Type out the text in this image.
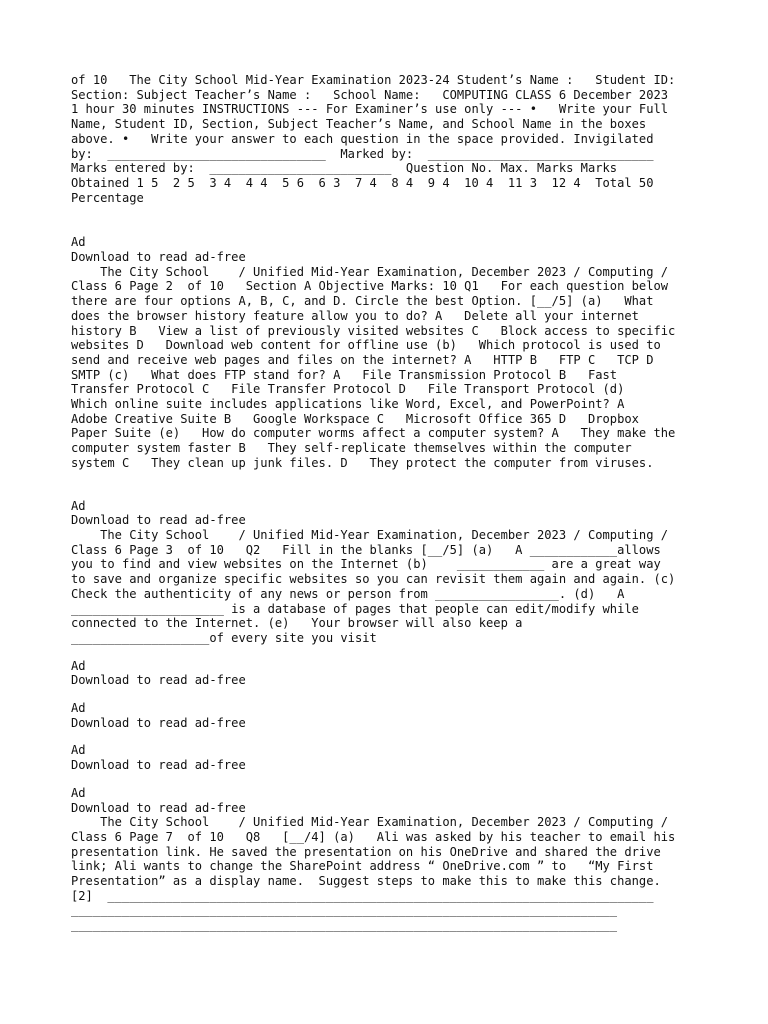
of 10   The City School Mid-Year Examination 2023-24 Student’s Name :   Student ID:
Section: Subject Teacher’s Name :   School Name:   COMPUTING CLASS 6 December 2023
1 hour 30 minutes INSTRUCTIONS --- For Examiner’s use only --- •   Write your Full
Name, Student ID, Section, Subject Teacher’s Name, and School Name in the boxes
above. •   Write your answer to each question in the space provided. Invigilated
by:  ______________________________  Marked by:  _______________________________
Marks entered by:  _________________________  Question No. Max. Marks Marks
Obtained 1 5  2 5  3 4  4 4  5 6  6 3  7 4  8 4  9 4  10 4  11 3  12 4  Total 50
Percentage

Ad
Download to read ad-free

The City School    / Unified Mid-Year Examination, December 2023 / Computing /
Class 6 Page 2  of 10   Section A Objective Marks: 10 Q1   For each question below
there are four options A, B, C, and D. Circle the best Option. [__/5] (a)   What
does the browser history feature allow you to do? A   Delete all your internet
history B   View a list of previously visited websites C   Block access to specific
websites D   Download web content for offline use (b)   Which protocol is used to
send and receive web pages and files on the internet? A   HTTP B   FTP C   TCP D
SMTP (c)   What does FTP stand for? A   File Transmission Protocol B   Fast
Transfer Protocol C   File Transfer Protocol D   File Transport Protocol (d)
Which online suite includes applications like Word, Excel, and PowerPoint? A
Adobe Creative Suite B   Google Workspace C   Microsoft Office 365 D   Dropbox
Paper Suite (e)   How do computer worms affect a computer system? A   They make the
computer system faster B   They self-replicate themselves within the computer
system C   They clean up junk files. D   They protect the computer from viruses.

Ad
Download to read ad-free

The City School    / Unified Mid-Year Examination, December 2023 / Computing /
Class 6 Page 3  of 10   Q2   Fill in the blanks [__/5] (a)   A ____________allows
you to find and view websites on the Internet (b)    ____________ are a great way
to save and organize specific websites so you can revisit them again and again. (c)
Check the authenticity of any news or person from _________________. (d)   A
_____________________ is a database of pages that people can edit/modify while
connected to the Internet. (e)   Your browser will also keep a
___________________of every site you visit

Ad
Download to read ad-free
Ad
Download to read ad-free
Ad
Download to read ad-free
Ad
Download to read ad-free

The City School    / Unified Mid-Year Examination, December 2023 / Computing /
Class 6 Page 7  of 10   Q8   [__/4] (a)   Ali was asked by his teacher to email his
presentation link. He saved the presentation on his OneDrive and shared the drive
link; Ali wants to change the SharePoint address “ OneDrive.com ” to   “My First
Presentation” as a display name.  Suggest steps to make this to make this change.
[2]  ___________________________________________________________________________
___________________________________________________________________________
___________________________________________________________________________
